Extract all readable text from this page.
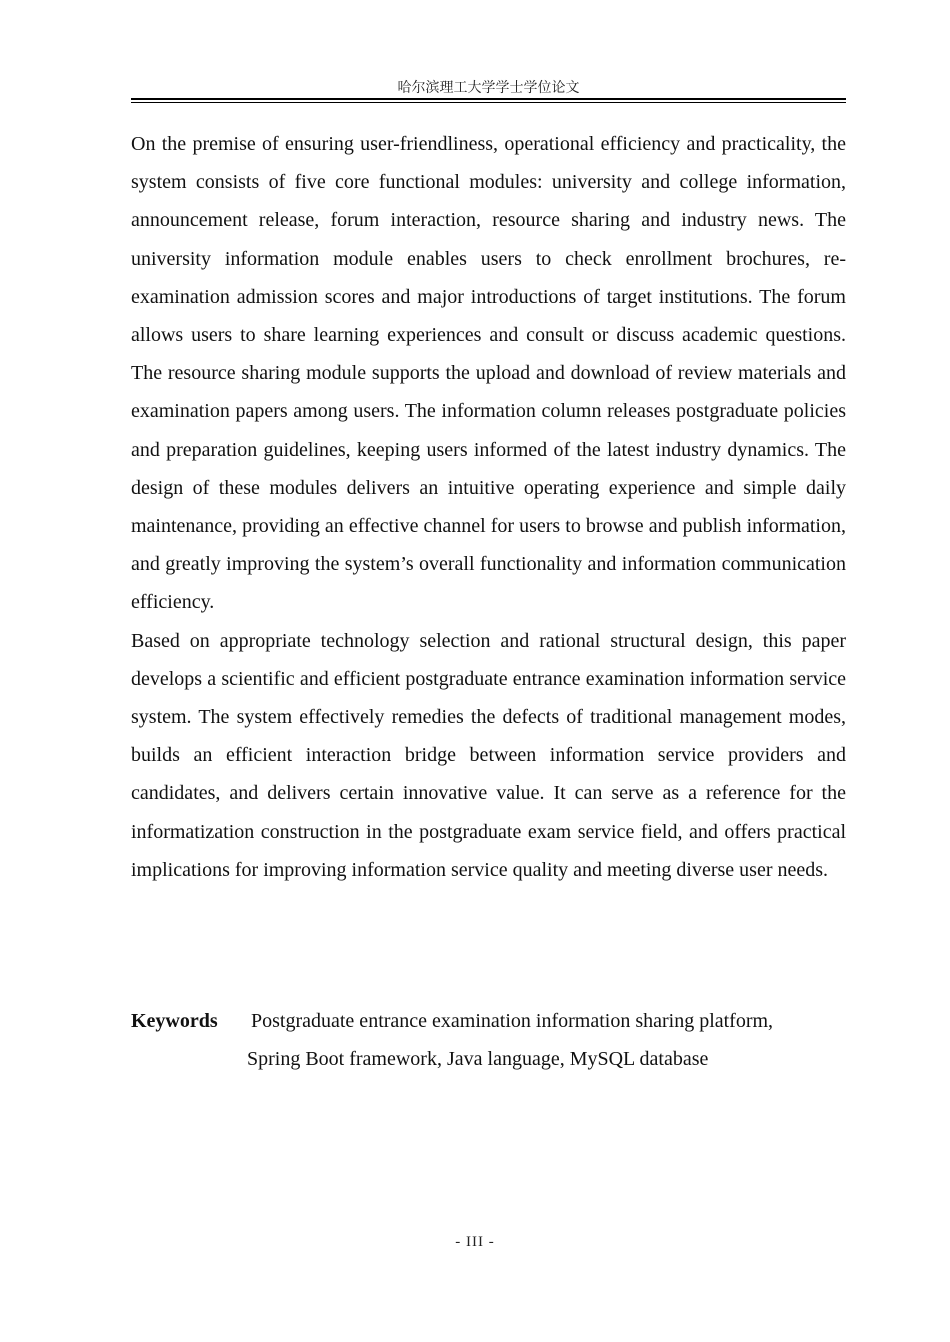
哈尔滨理工大学学士学位论文

On the premise of ensuring user-friendliness, operational efficiency and practicality, the system consists of five core functional modules: university and college information, announcement release, forum interaction, resource sharing and industry news. The university information module enables users to check enrollment brochures, re-examination admission scores and major introductions of target institutions. The forum allows users to share learning experiences and consult or discuss academic questions. The resource sharing module supports the upload and download of review materials and examination papers among users. The information column releases postgraduate policies and preparation guidelines, keeping users informed of the latest industry dynamics. The design of these modules delivers an intuitive operating experience and simple daily maintenance, providing an effective channel for users to browse and publish information, and greatly improving the system’s overall functionality and information communication efficiency.

Based on appropriate technology selection and rational structural design, this paper develops a scientific and efficient postgraduate entrance examination information service system. The system effectively remedies the defects of traditional management modes, builds an efficient interaction bridge between information service providers and candidates, and delivers certain innovative value. It can serve as a reference for the informatization construction in the postgraduate exam service field, and offers practical implications for improving information service quality and meeting diverse user needs.

Keywords Postgraduate entrance examination information sharing platform,
Spring Boot framework, Java language, MySQL database
- III -
